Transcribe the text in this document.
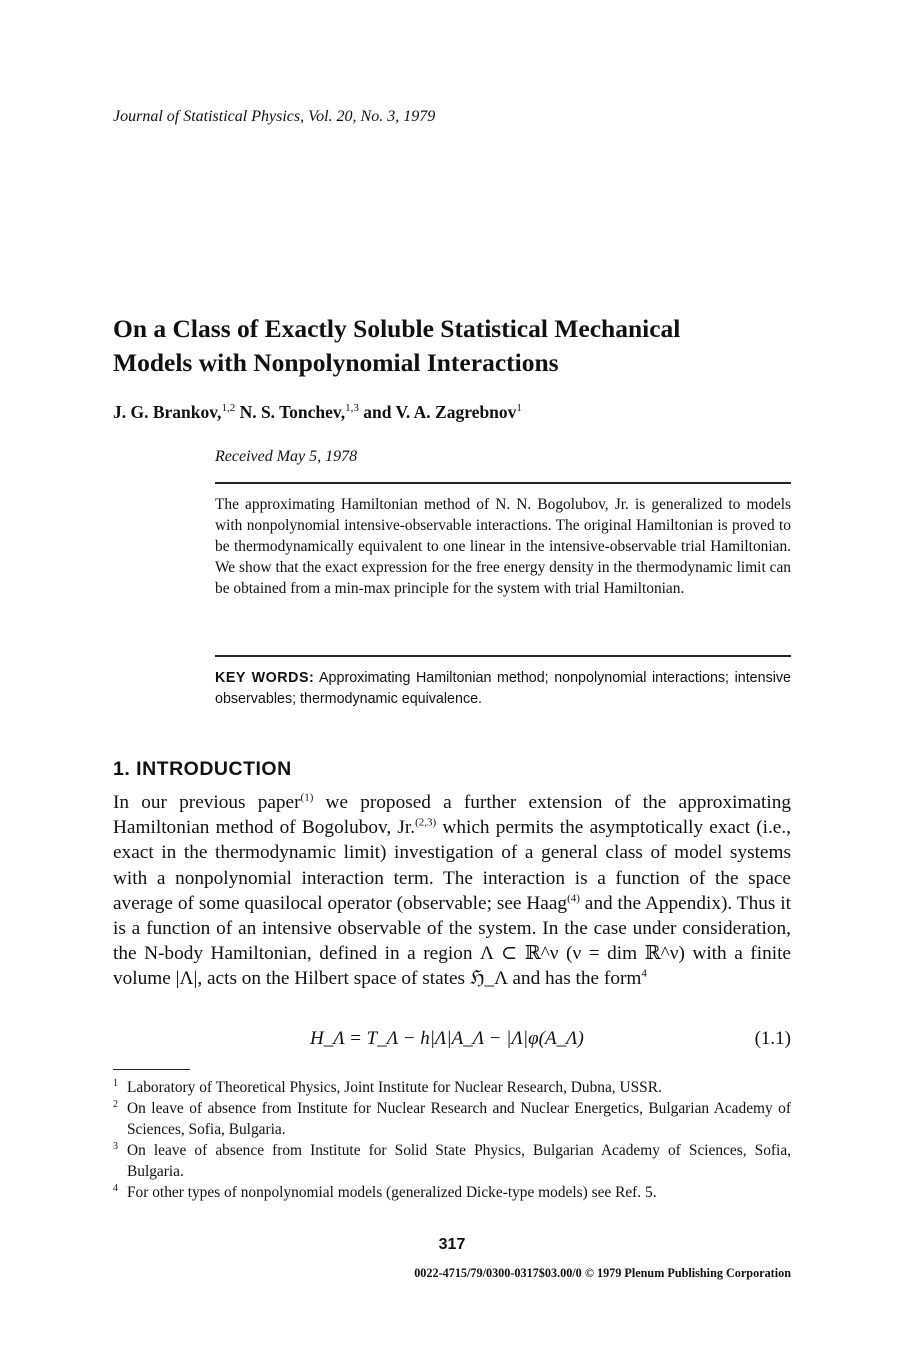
Journal of Statistical Physics, Vol. 20, No. 3, 1979
On a Class of Exactly Soluble Statistical Mechanical
Models with Nonpolynomial Interactions
J. G. Brankov,$^{1,2}$ N. S. Tonchev,$^{1,3}$ and V. A. Zagrebnov$^1$
Received May 5, 1978
The approximating Hamiltonian method of N. N. Bogolubov, Jr. is generalized to models with nonpolynomial intensive-observable interactions. The original Hamiltonian is proved to be thermodynamically equivalent to one linear in the intensive-observable trial Hamiltonian. We show that the exact expression for the free energy density in the thermodynamic limit can be obtained from a min-max principle for the system with trial Hamiltonian.
KEY WORDS: Approximating Hamiltonian method; nonpolynomial interactions; intensive observables; thermodynamic equivalence.
1. INTRODUCTION
In our previous paper$^{(1)}$ we proposed a further extension of the approximating Hamiltonian method of Bogolubov, Jr.$^{(2,3)}$ which permits the asymptotically exact (i.e., exact in the thermodynamic limit) investigation of a general class of model systems with a nonpolynomial interaction term. The interaction is a function of the space average of some quasilocal operator (observable; see Haag$^{(4)}$ and the Appendix). Thus it is a function of an intensive observable of the system. In the case under consideration, the N-body Hamiltonian, defined in a region Λ ⊂ ℝ^ν (ν = dim ℝ^ν) with a finite volume |Λ|, acts on the Hilbert space of states ℌ_Λ and has the form$^4$
H_Λ = T_Λ − h|Λ|A_Λ − |Λ|φ(A_Λ)	(1.1)
1 Laboratory of Theoretical Physics, Joint Institute for Nuclear Research, Dubna, USSR.
2 On leave of absence from Institute for Nuclear Research and Nuclear Energetics, Bulgarian Academy of Sciences, Sofia, Bulgaria.
3 On leave of absence from Institute for Solid State Physics, Bulgarian Academy of Sciences, Sofia, Bulgaria.
4 For other types of nonpolynomial models (generalized Dicke-type models) see Ref. 5.
317
0022-4715/79/0300-0317$03.00/0 © 1979 Plenum Publishing Corporation
